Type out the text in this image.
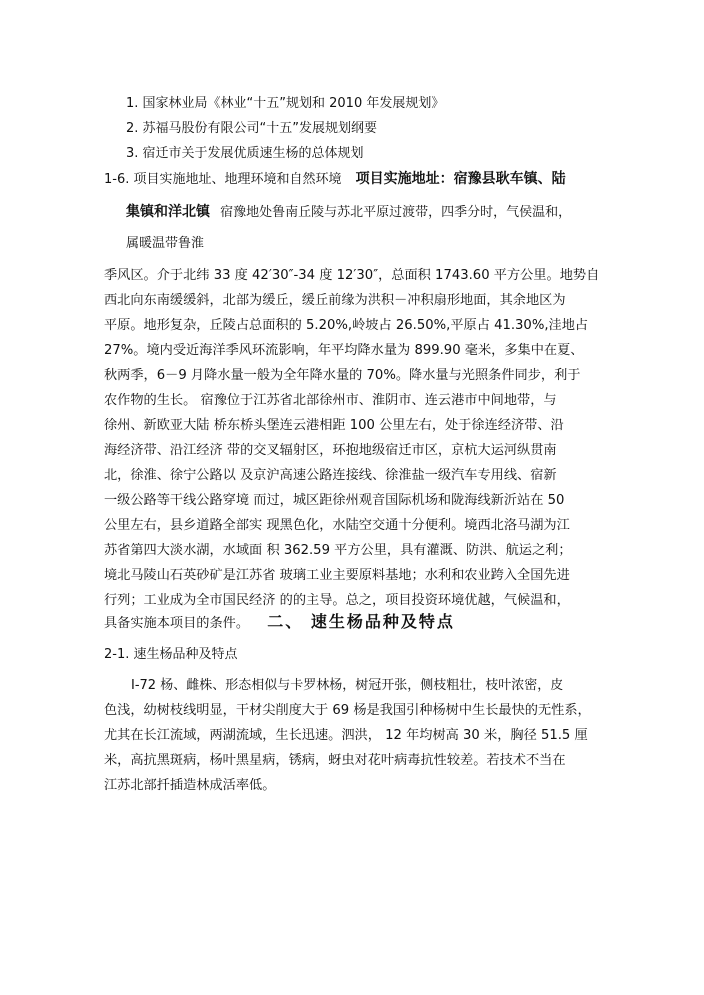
1. 国家林业局《林业“十五”规划和 2010 年发展规划》
2. 苏福马股份有限公司“十五”发展规划纲要
3. 宿迁市关于发展优质速生杨的总体规划
1-6. 项目实施地址、地理环境和自然环境 项目实施地址：宿豫县耿车镇、陆
集镇和洋北镇 宿豫地处鲁南丘陵与苏北平原过渡带，四季分时，气侯温和，
属暖温带鲁淮
季风区。介于北纬 33 度 42′30″-34 度 12′30″，总面积 1743.60 平方公里。地势自
西北向东南缓缓斜，北部为缓丘，缓丘前缘为洪积－冲积扇形地面，其余地区为
平原。地形复杂，丘陵占总面积的 5.20%,岭坡占 26.50%,平原占 41.30%,洼地占
27%。境内受近海洋季风环流影响，年平均降水量为 899.90 毫米，多集中在夏、
秋两季，6－9 月降水量一般为全年降水量的 70%。降水量与光照条件同步，利于
农作物的生长。 宿豫位于江苏省北部徐州市、淮阴市、连云港市中间地带，与
徐州、新欧亚大陆 桥东桥头堡连云港相距 100 公里左右，处于徐连经济带、沿
海经济带、沿江经济 带的交叉辐射区，环抱地级宿迁市区，京杭大运河纵贯南
北，徐淮、徐宁公路以 及京沪高速公路连接线、徐淮盐一级汽车专用线、宿新
一级公路等干线公路穿境 而过，城区距徐州观音国际机场和陇海线新沂站在 50
公里左右，县乡道路全部实 现黑色化，水陆空交通十分便利。境西北洛马湖为江
苏省第四大淡水湖，水域面 积 362.59 平方公里，具有灌溉、防洪、航运之利；
境北马陵山石英砂矿是江苏省 玻璃工业主要原料基地；水利和农业跨入全国先进
行列；工业成为全市国民经济 的的主导。总之，项目投资环境优越，气候温和，
具备实施本项目的条件。 二、 速生杨品种及特点
2-1. 速生杨品种及特点
I-72 杨、雌株、形态相似与卡罗林杨，树冠开张，侧枝粗壮，枝叶浓密，皮
色浅，幼树枝线明显，干材尖削度大于 69 杨是我国引种杨树中生长最快的无性系，
尤其在长江流域，两湖流域，生长迅速。泗洪， 12 年均树高 30 米，胸径 51.5 厘
米，高抗黑斑病，杨叶黑星病，锈病，蚜虫对花叶病毒抗性较差。若技术不当在
江苏北部扦插造林成活率低。
